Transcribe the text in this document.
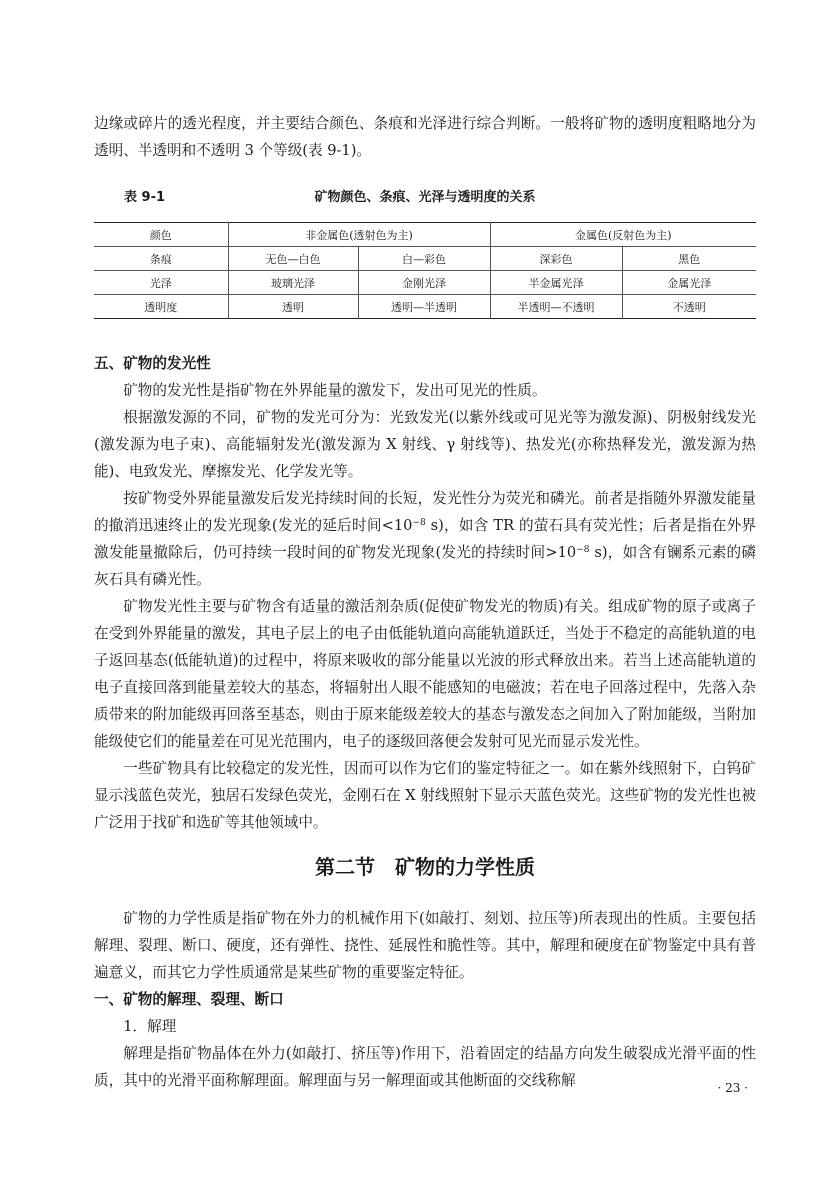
边缘或碎片的透光程度，并主要结合颜色、条痕和光泽进行综合判断。一般将矿物的透明度粗略地分为透明、半透明和不透明 3 个等级(表 9-1)。

矿物颜色、条痕、光泽与透明度的关系
表 9-1
颜色	非金属色(透射色为主)		金属色(反射色为主)	
条痕	无色—白色	白—彩色	深彩色	黑色
光泽	玻璃光泽	金刚光泽	半金属光泽	金属光泽
透明度	透明	透明—半透明	半透明—不透明	不透明

五、矿物的发光性

矿物的发光性是指矿物在外界能量的激发下，发出可见光的性质。

根据激发源的不同，矿物的发光可分为：光致发光(以紫外线或可见光等为激发源)、阴极射线发光(激发源为电子束)、高能辐射发光(激发源为 X 射线、γ 射线等)、热发光(亦称热释发光，激发源为热能)、电致发光、摩擦发光、化学发光等。

按矿物受外界能量激发后发光持续时间的长短，发光性分为荧光和磷光。前者是指随外界激发能量的撤消迅速终止的发光现象(发光的延后时间$<10^{-8}$ s)，如含 TR 的萤石具有荧光性；后者是指在外界激发能量撤除后，仍可持续一段时间的矿物发光现象(发光的持续时间$>10^{-8}$ s)，如含有镧系元素的磷灰石具有磷光性。

矿物发光性主要与矿物含有适量的激活剂杂质(促使矿物发光的物质)有关。组成矿物的原子或离子在受到外界能量的激发，其电子层上的电子由低能轨道向高能轨道跃迁，当处于不稳定的高能轨道的电子返回基态(低能轨道)的过程中，将原来吸收的部分能量以光波的形式释放出来。若当上述高能轨道的电子直接回落到能量差较大的基态，将辐射出人眼不能感知的电磁波；若在电子回落过程中，先落入杂质带来的附加能级再回落至基态，则由于原来能级差较大的基态与激发态之间加入了附加能级，当附加能级使它们的能量差在可见光范围内，电子的逐级回落便会发射可见光而显示发光性。

一些矿物具有比较稳定的发光性，因而可以作为它们的鉴定特征之一。如在紫外线照射下，白钨矿显示浅蓝色荧光，独居石发绿色荧光，金刚石在 X 射线照射下显示天蓝色荧光。这些矿物的发光性也被广泛用于找矿和选矿等其他领域中。

第二节　矿物的力学性质

矿物的力学性质是指矿物在外力的机械作用下(如敲打、刻划、拉压等)所表现出的性质。主要包括解理、裂理、断口、硬度，还有弹性、挠性、延展性和脆性等。其中，解理和硬度在矿物鉴定中具有普遍意义，而其它力学性质通常是某些矿物的重要鉴定特征。

一、矿物的解理、裂理、断口

1．解理

解理是指矿物晶体在外力(如敲打、挤压等)作用下，沿着固定的结晶方向发生破裂成光滑平面的性质，其中的光滑平面称解理面。解理面与另一解理面或其他断面的交线称解	· 23 ·
